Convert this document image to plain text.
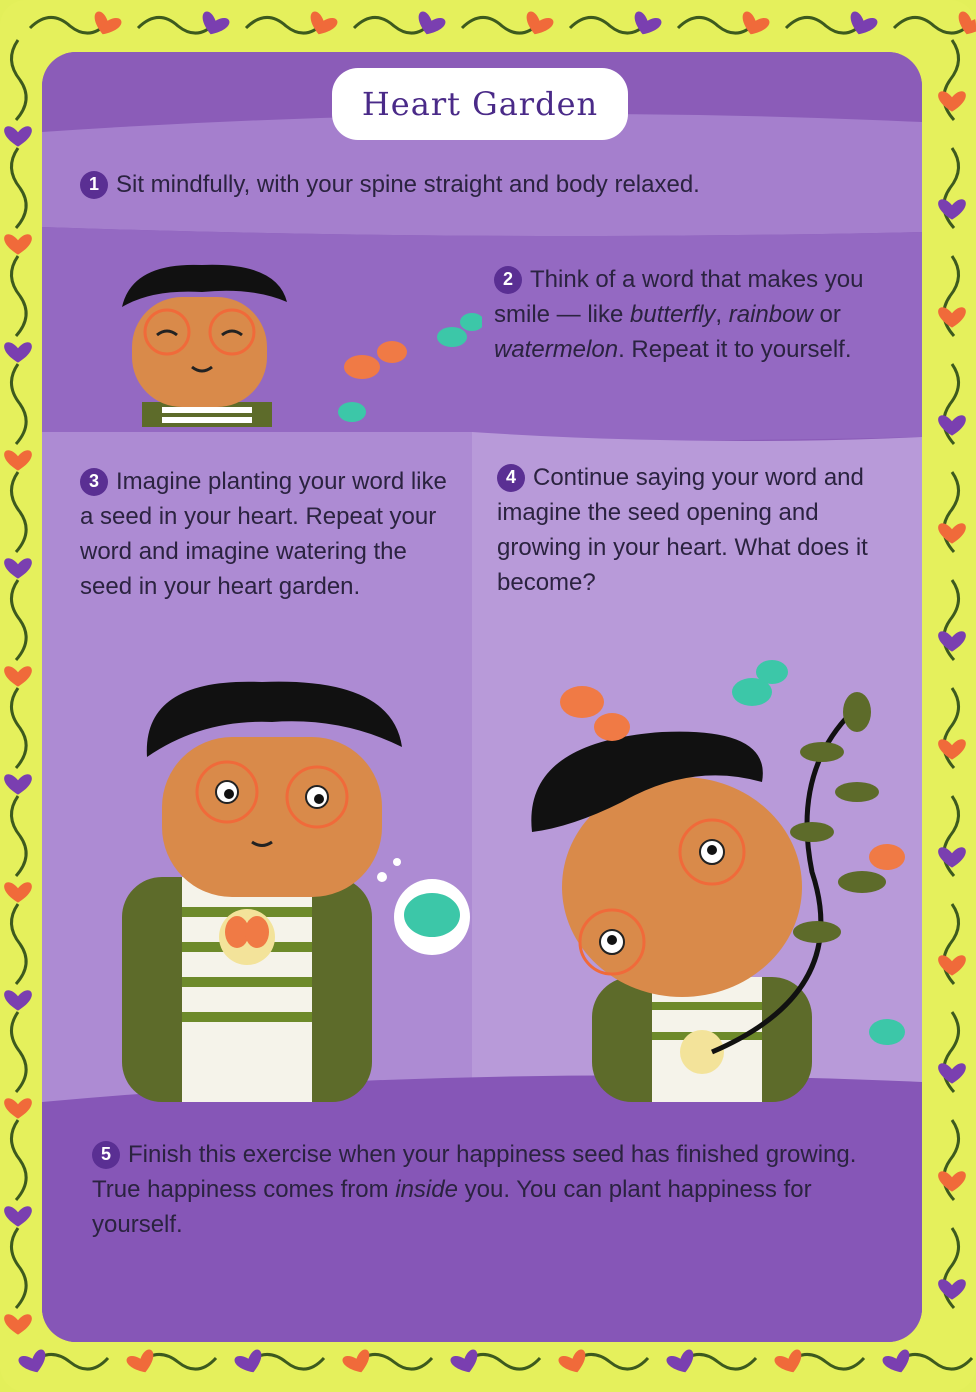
Heart Garden
1 Sit mindfully, with your spine straight and body relaxed.
2 Think of a word that makes you smile — like butterfly, rainbow or watermelon. Repeat it to yourself.
3 Imagine planting your word like a seed in your heart. Repeat your word and imagine watering the seed in your heart garden.
4 Continue saying your word and imagine the seed opening and growing in your heart. What does it become?
5 Finish this exercise when your happiness seed has finished growing. True happiness comes from inside you. You can plant happiness for yourself.
